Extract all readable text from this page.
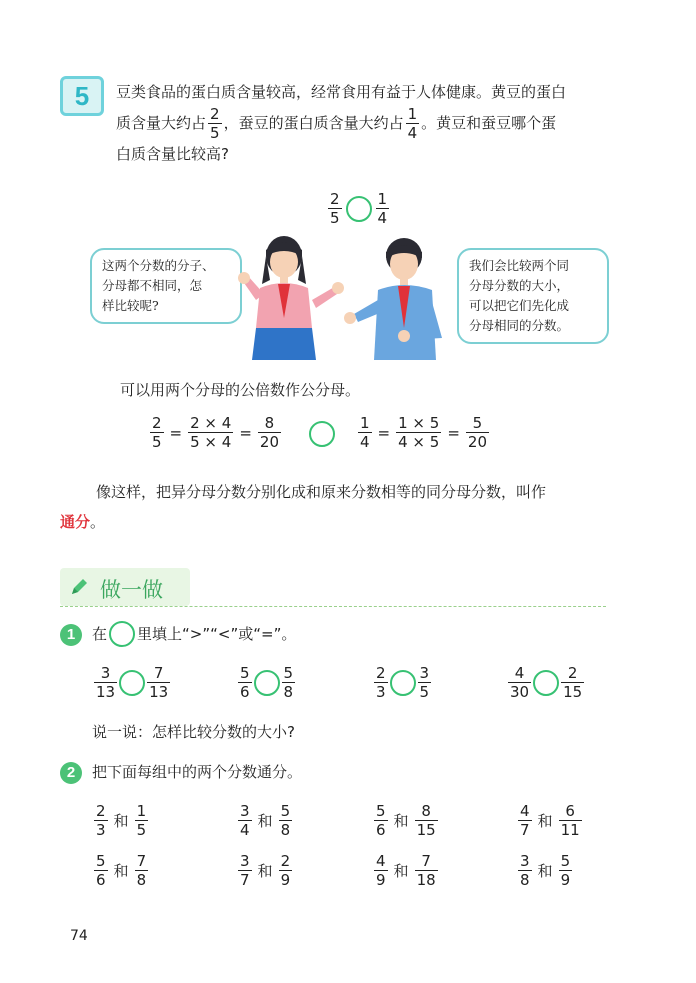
5	豆类食品的蛋白质含量较高，经常食用有益于人体健康。黄豆的蛋白
质含量大约占 $\frac{2}{5}$ ，蚕豆的蛋白质含量大约占 $\frac{1}{4}$ 。黄豆和蚕豆哪个蛋
白质含量比较高?
$\frac{2}{5} \frac{1}{4}$
这两个分数的分子、
分母都不相同，怎
样比较呢?
我们会比较两个同
分母分数的大小，
可以把它们先化成
分母相同的分数。
可以用两个分母的公倍数作公分母。
$\frac{2}{5} = \frac{2 \times 4}{5 \times 4} = \frac{8}{20}$	$\frac{1}{4} = \frac{1 \times 5}{4 \times 5} = \frac{5}{20}$
像这样，把异分母分数分别化成和原来分数相等的同分母分数，叫作
通分。
做一做
1	在 里填上“>”“<”或“=”。
$\frac{3}{13} \frac{7}{13}$	$\frac{5}{6} \frac{5}{8}$	$\frac{2}{3} \frac{3}{5}$	$\frac{4}{30} \frac{2}{15}$
说一说：怎样比较分数的大小?
2	把下面每组中的两个分数通分。
$\frac{2}{3}$ 和 $\frac{1}{5}$	$\frac{3}{4}$ 和 $\frac{5}{8}$	$\frac{5}{6}$ 和 $\frac{8}{15}$	$\frac{4}{7}$ 和 $\frac{6}{11}$
$\frac{5}{6}$ 和 $\frac{7}{8}$	$\frac{3}{7}$ 和 $\frac{2}{9}$	$\frac{4}{9}$ 和 $\frac{7}{18}$	$\frac{3}{8}$ 和 $\frac{5}{9}$
74
